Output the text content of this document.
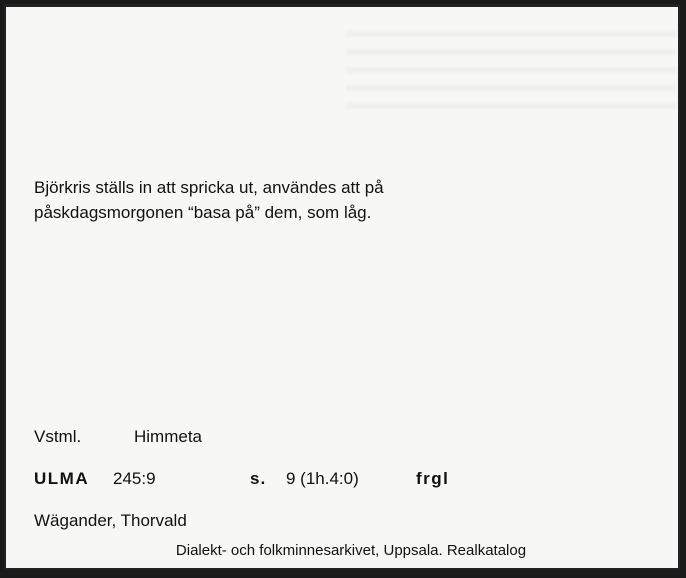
Björkris ställs in att spricka ut, användes att på
påskdagsmorgonen “basa på” dem, som låg.

Vstml.	Himmeta
ULMA 245:9	s. 9 (1h.4:0)	frgl
Wägander, Thorvald
Dialekt- och folkminnesarkivet, Uppsala. Realkatalog
